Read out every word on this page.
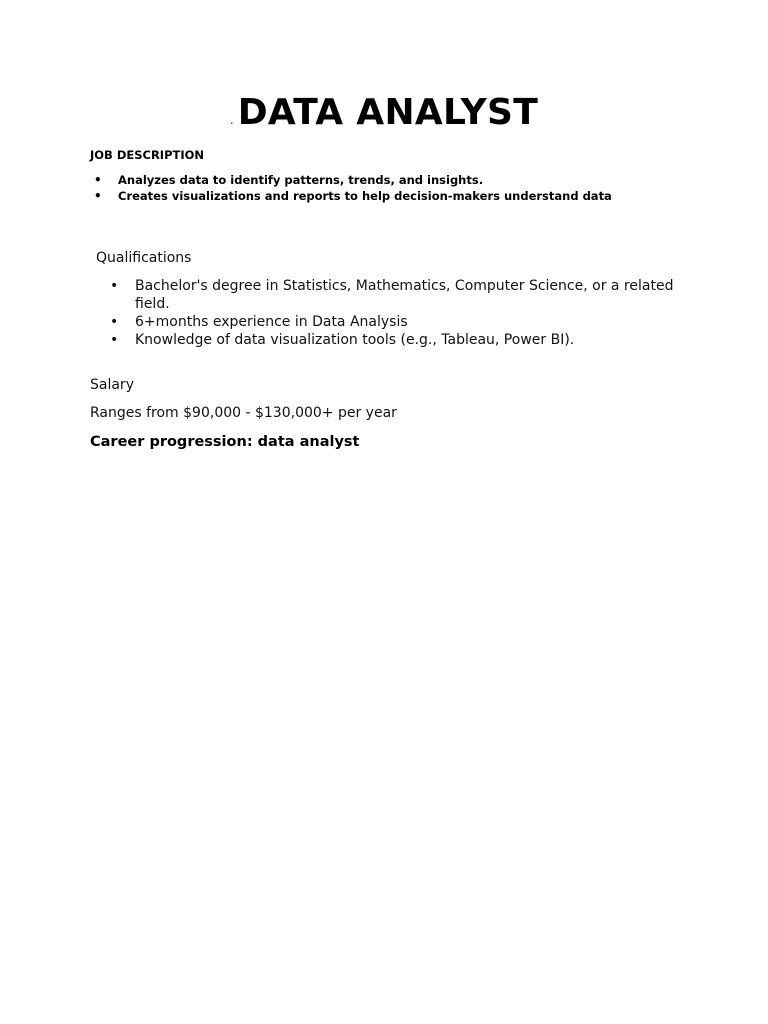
. DATA ANALYST
JOB DESCRIPTION
• Analyzes data to identify patterns, trends, and insights.
• Creates visualizations and reports to help decision-makers understand data
Qualifications
• Bachelor's degree in Statistics, Mathematics, Computer Science, or a related field.
• 6+months experience in Data Analysis
• Knowledge of data visualization tools (e.g., Tableau, Power BI).
Salary
Ranges from $90,000 - $130,000+ per year
Career progression: data analyst
